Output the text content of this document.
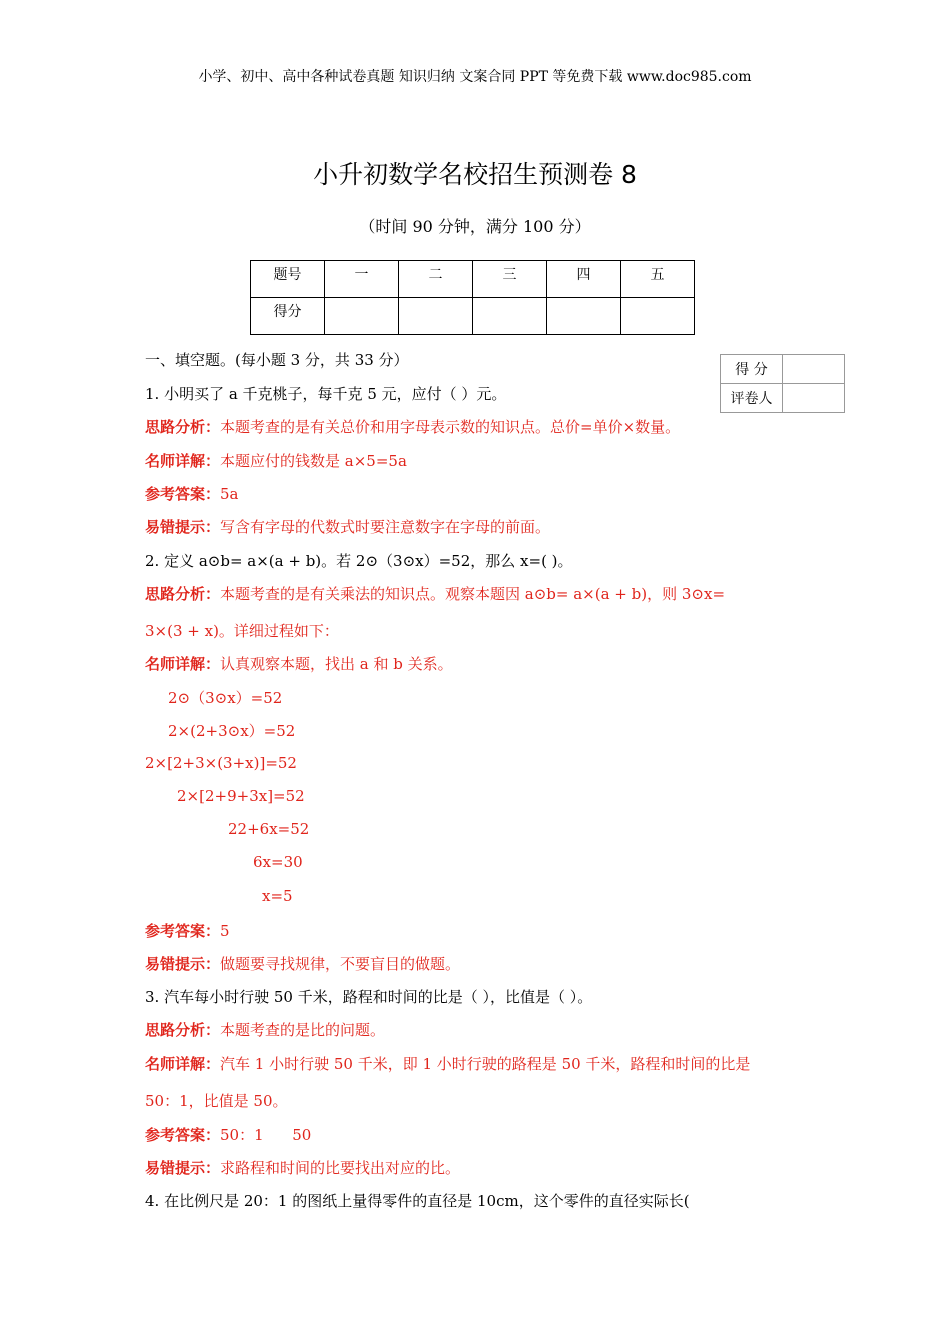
小学、初中、高中各种试卷真题 知识归纳 文案合同 PPT 等免费下载 www.doc985.com
小升初数学名校招生预测卷 8
（时间 90 分钟，满分 100 分）
题号	一	二	三	四	五
得分					
得 分	
评卷人	
一、填空题。(每小题 3 分，共 33 分）
1. 小明买了 a 千克桃子，每千克 5 元，应付（ ）元。
思路分析：本题考查的是有关总价和用字母表示数的知识点。总价=单价×数量。
名师详解：本题应付的钱数是 a×5=5a
参考答案：5a
易错提示：写含有字母的代数式时要注意数字在字母的前面。
2. 定义 a⊙b= a×(a + b)。若 2⊙（3⊙x）=52，那么 x=( )。
思路分析：本题考查的是有关乘法的知识点。观察本题因 a⊙b= a×(a + b)，则 3⊙x=
3×(3 + x)。详细过程如下：
名师详解：认真观察本题，找出 a 和 b 关系。
2⊙（3⊙x）=52
2×(2+3⊙x）=52
2×[2+3×(3+x)]=52
2×[2+9+3x]=52
22+6x=52
6x=30
x=5
参考答案：5
易错提示：做题要寻找规律，不要盲目的做题。
3. 汽车每小时行驶 50 千米，路程和时间的比是（ ），比值是（ ）。
思路分析：本题考查的是比的问题。
名师详解：汽车 1 小时行驶 50 千米，即 1 小时行驶的路程是 50 千米，路程和时间的比是
50：1，比值是 50。
参考答案：50：1      50
易错提示：求路程和时间的比要找出对应的比。
4. 在比例尺是 20：1 的图纸上量得零件的直径是 10cm，这个零件的直径实际长(
